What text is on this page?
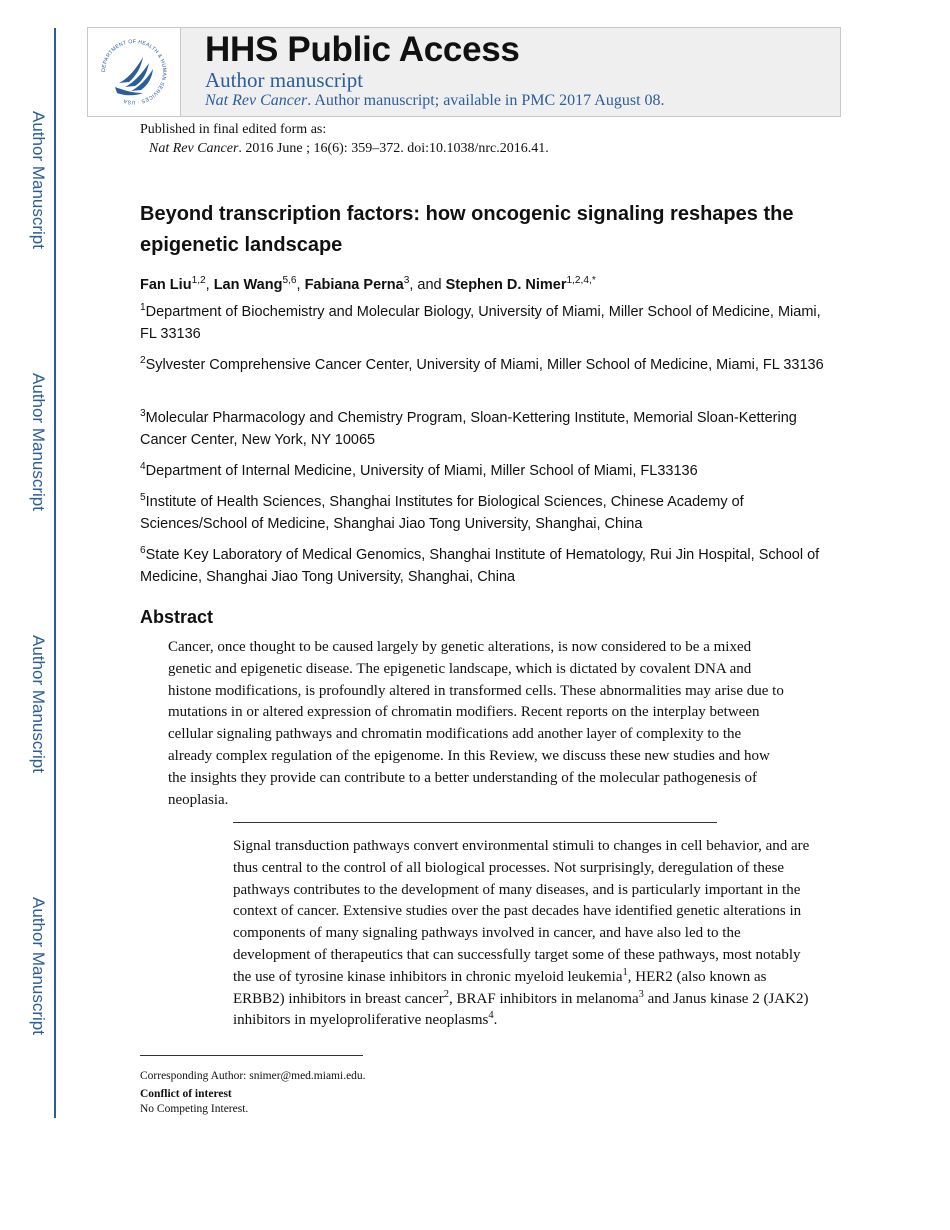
Author Manuscript
Author Manuscript
Author Manuscript
Author Manuscript
DEPARTMENT OF HEALTH & HUMAN SERVICES · USA
HHS Public Access
Author manuscript
Nat Rev Cancer. Author manuscript; available in PMC 2017 August 08.
Published in final edited form as:
Nat Rev Cancer. 2016 June ; 16(6): 359–372. doi:10.1038/nrc.2016.41.
Beyond transcription factors: how oncogenic signaling reshapes the epigenetic landscape
Fan Liu$^{1,2}$, Lan Wang$^{5,6}$, Fabiana Perna$^3$, and Stephen D. Nimer$^{1,2,4,*}$
$^1$Department of Biochemistry and Molecular Biology, University of Miami, Miller School of Medicine, Miami, FL 33136
$^2$Sylvester Comprehensive Cancer Center, University of Miami, Miller School of Medicine, Miami, FL 33136
$^3$Molecular Pharmacology and Chemistry Program, Sloan-Kettering Institute, Memorial Sloan-Kettering Cancer Center, New York, NY 10065
$^4$Department of Internal Medicine, University of Miami, Miller School of Miami, FL33136
$^5$Institute of Health Sciences, Shanghai Institutes for Biological Sciences, Chinese Academy of Sciences/School of Medicine, Shanghai Jiao Tong University, Shanghai, China
$^6$State Key Laboratory of Medical Genomics, Shanghai Institute of Hematology, Rui Jin Hospital, School of Medicine, Shanghai Jiao Tong University, Shanghai, China
Abstract
Cancer, once thought to be caused largely by genetic alterations, is now considered to be a mixed genetic and epigenetic disease. The epigenetic landscape, which is dictated by covalent DNA and histone modifications, is profoundly altered in transformed cells. These abnormalities may arise due to mutations in or altered expression of chromatin modifiers. Recent reports on the interplay between cellular signaling pathways and chromatin modifications add another layer of complexity to the already complex regulation of the epigenome. In this Review, we discuss these new studies and how the insights they provide can contribute to a better understanding of the molecular pathogenesis of neoplasia.
Signal transduction pathways convert environmental stimuli to changes in cell behavior, and are thus central to the control of all biological processes. Not surprisingly, deregulation of these pathways contributes to the development of many diseases, and is particularly important in the context of cancer. Extensive studies over the past decades have identified genetic alterations in components of many signaling pathways involved in cancer, and have also led to the development of therapeutics that can successfully target some of these pathways, most notably the use of tyrosine kinase inhibitors in chronic myeloid leukemia$^1$, HER2 (also known as ERBB2) inhibitors in breast cancer$^2$, BRAF inhibitors in melanoma$^3$ and Janus kinase 2 (JAK2) inhibitors in myeloproliferative neoplasms$^4$.
Corresponding Author: snimer@med.miami.edu.
Conflict of interest
No Competing Interest.
